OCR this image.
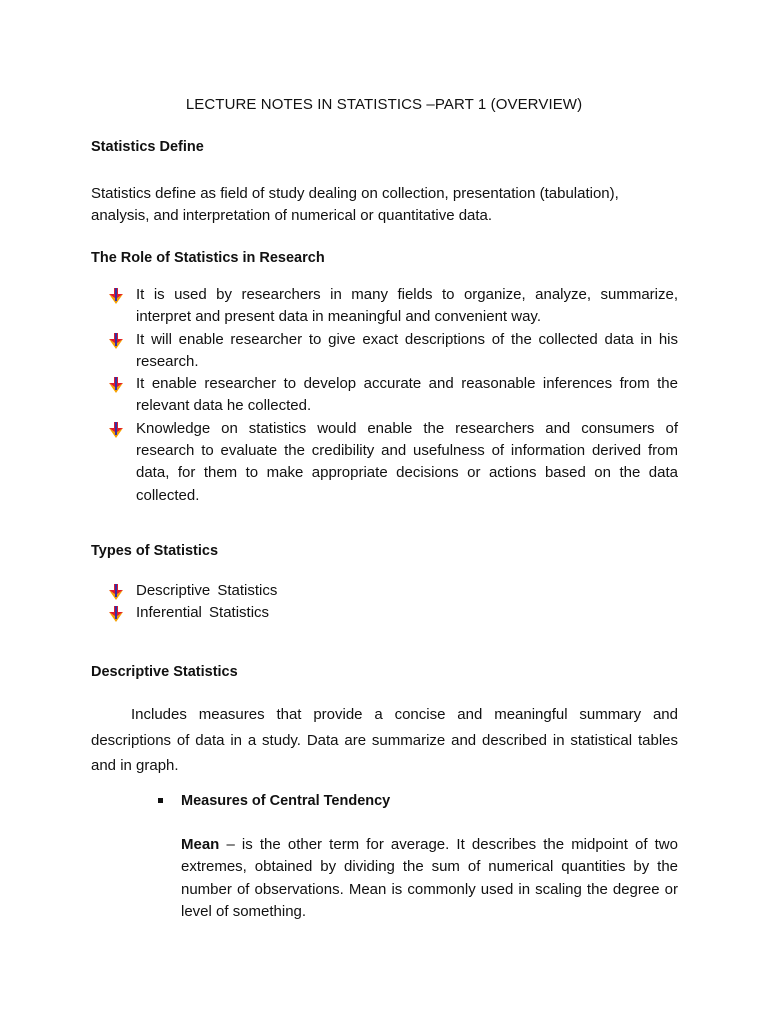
LECTURE NOTES IN STATISTICS –PART 1 (OVERVIEW)
Statistics Define
Statistics define as field of study dealing on collection, presentation (tabulation), analysis, and interpretation of numerical or quantitative data.
The Role of Statistics in Research
It is used by researchers in many fields to organize, analyze, summarize, interpret and present data in meaningful and convenient way.
It will enable researcher to give exact descriptions of the collected data in his research.
It enable researcher to develop accurate and reasonable inferences from the relevant data he collected.
Knowledge on statistics would enable the researchers and consumers of research to evaluate the credibility and usefulness of information derived from data, for them to make appropriate decisions or actions based on the data collected.
Types of Statistics
Descriptive Statistics
Inferential Statistics
Descriptive Statistics
Includes measures that provide a concise and meaningful summary and descriptions of data in a study. Data are summarize and described in statistical tables and in graph.
Measures of Central Tendency
Mean – is the other term for average. It describes the midpoint of two extremes, obtained by dividing the sum of numerical quantities by the number of observations. Mean is commonly used in scaling the degree or level of something.
